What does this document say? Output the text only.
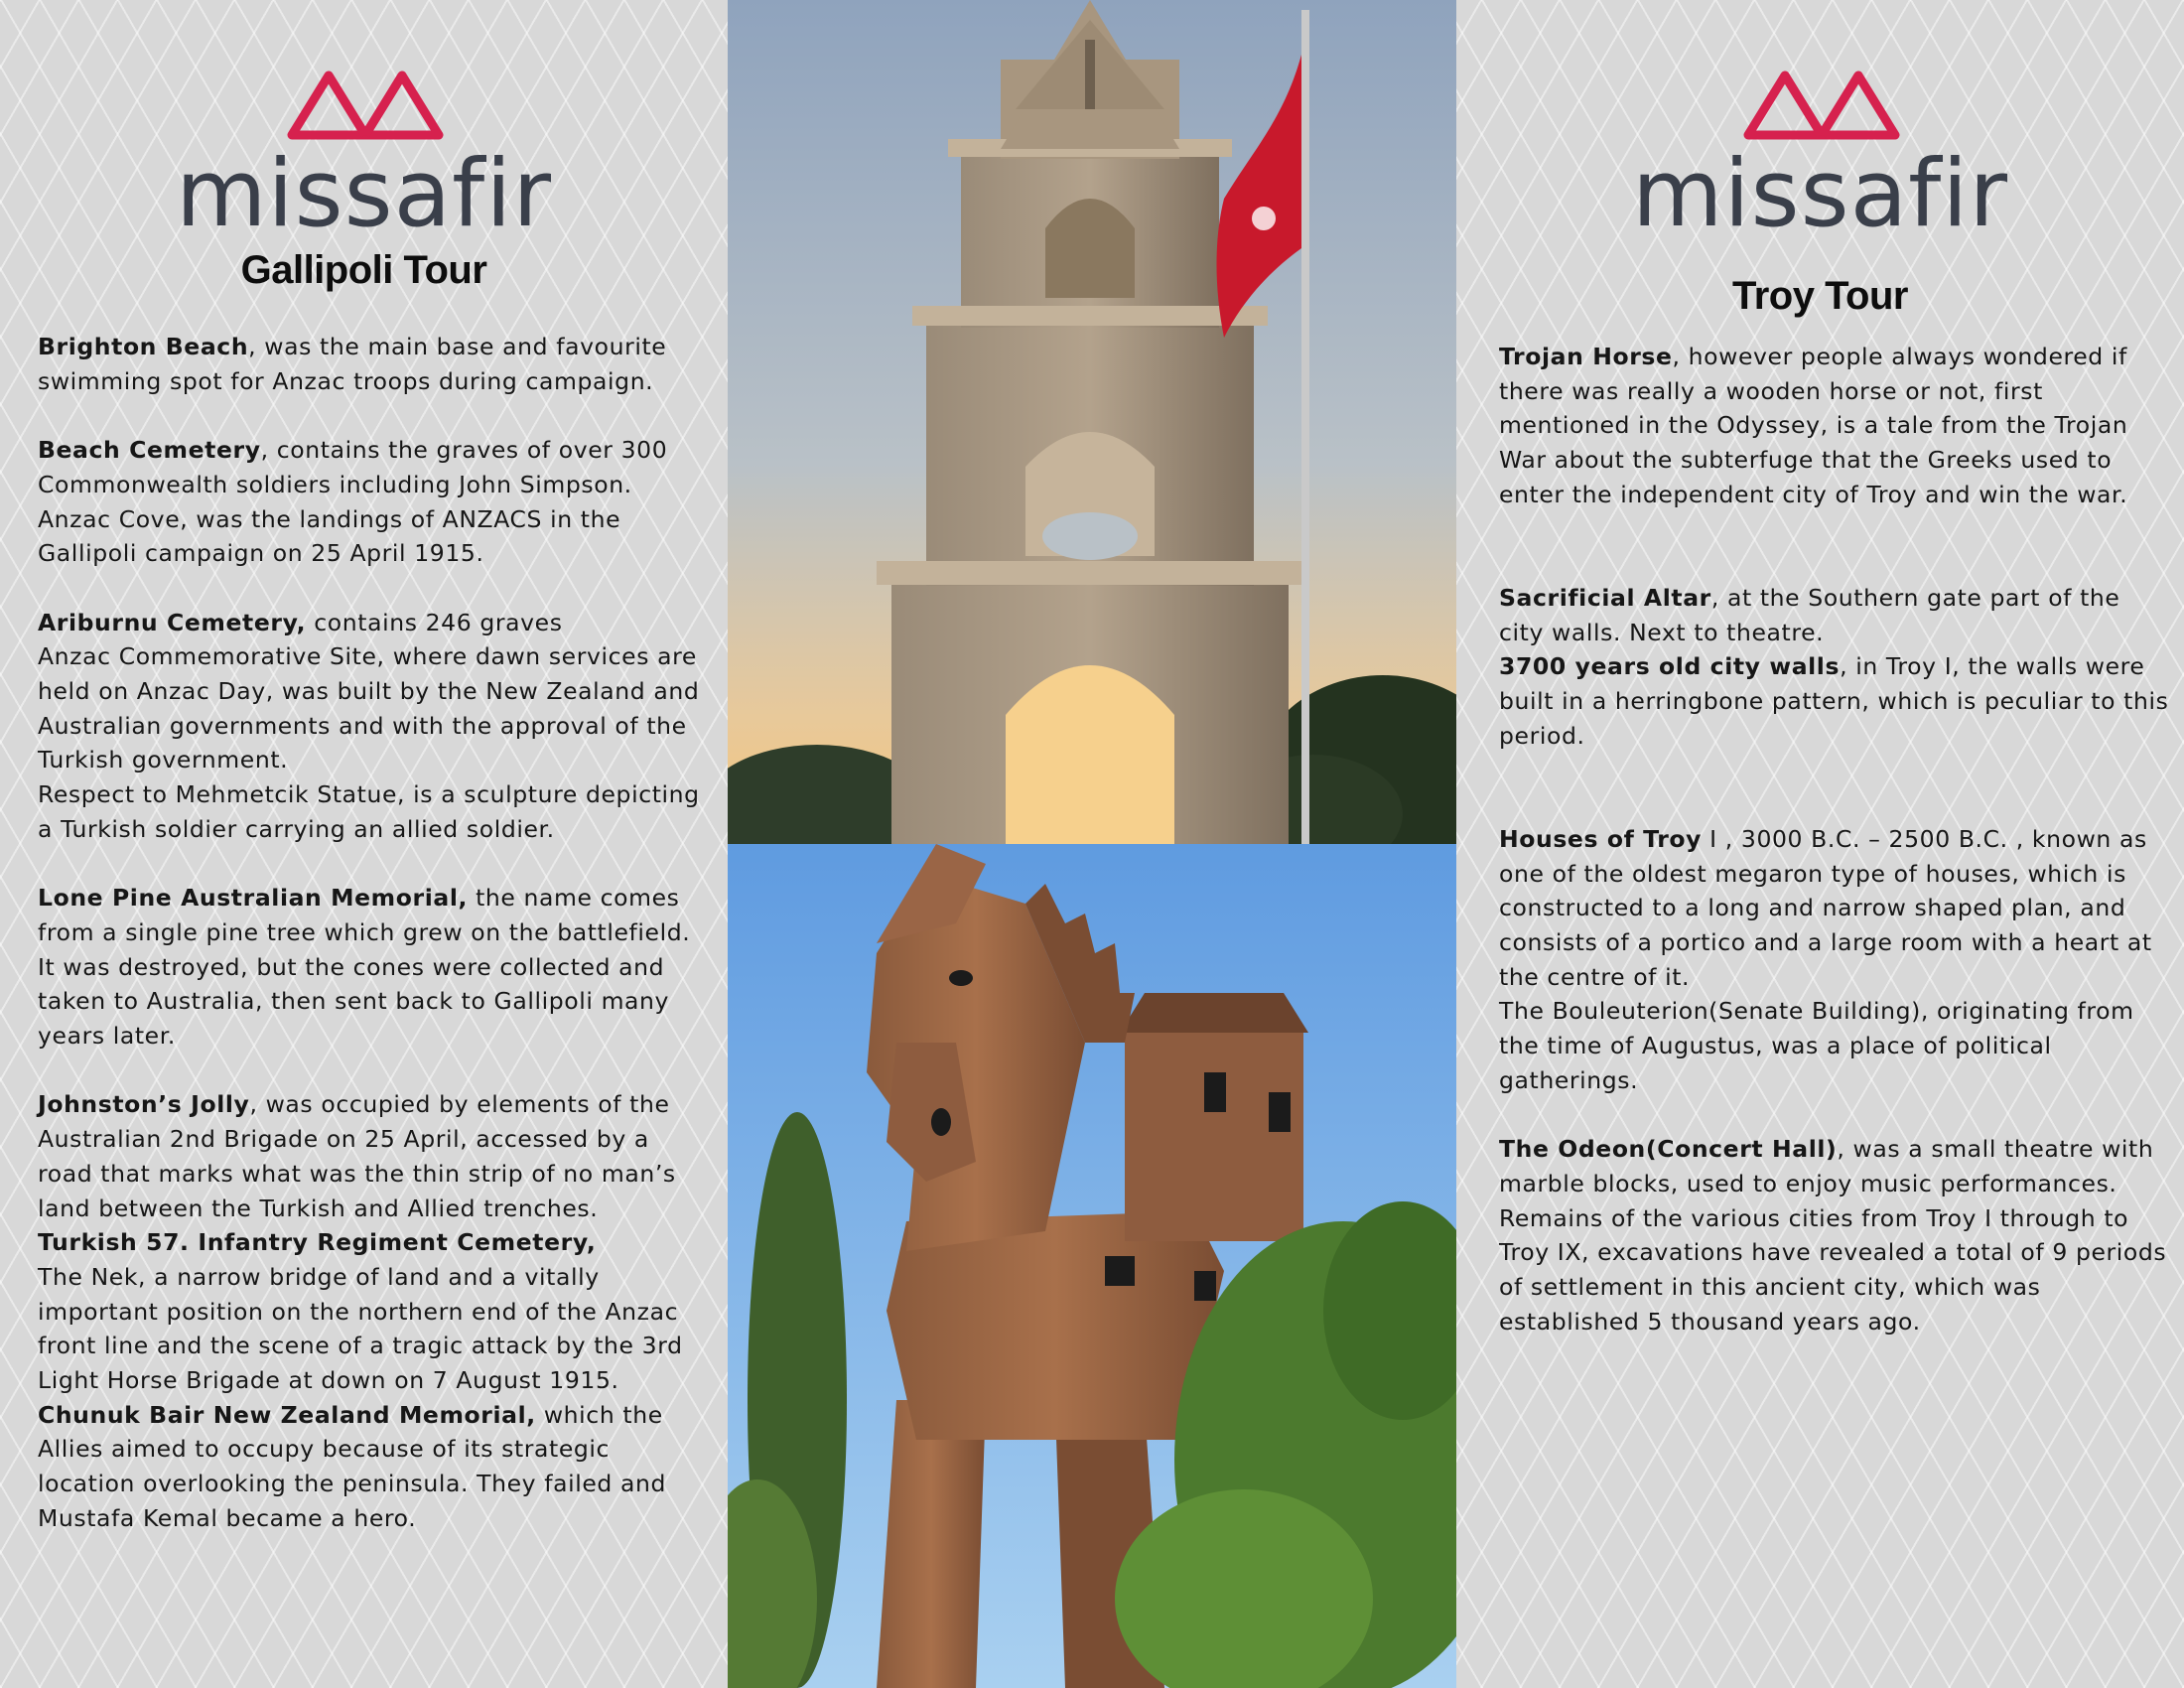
missafir
Gallipoli Tour

Brighton Beach, was the main base and favourite swimming spot for Anzac troops during campaign.

Beach Cemetery, contains the graves of over 300 Commonwealth soldiers including John Simpson.

Anzac Cove, was the landings of ANZACS in the Gallipoli campaign on 25 April 1915.

Ariburnu Cemetery, contains 246 graves

Anzac Commemorative Site, where dawn services are held on Anzac Day, was built by the New Zealand and Australian governments and with the approval of the Turkish government.

Respect to Mehmetcik Statue, is a sculpture depicting a Turkish soldier carrying an allied soldier.

Lone Pine Australian Memorial, the name comes from a single pine tree which grew on the battlefield. It was destroyed, but the cones were collected and taken to Australia, then sent back to Gallipoli many years later.

Johnston’s Jolly, was occupied by elements of the Australian 2nd Brigade on 25 April, accessed by a road that marks what was the thin strip of no man’s land between the Turkish and Allied trenches.

Turkish 57. Infantry Regiment Cemetery,

The Nek, a narrow bridge of land and a vitally important position on the northern end of the Anzac front line and the scene of a tragic attack by the 3rd Light Horse Brigade at down on 7 August 1915.

Chunuk Bair New Zealand Memorial, which the Allies aimed to occupy because of its strategic location overlooking the peninsula. They failed and Mustafa Kemal became a hero.

missafir
Troy Tour

Trojan Horse, however people always wondered if there was really a wooden horse or not, first mentioned in the Odyssey, is a tale from the Trojan War about the subterfuge that the Greeks used to enter the independent city of Troy and win the war.

Sacrificial Altar, at the Southern gate part of the city walls. Next to theatre.

3700 years old city walls, in Troy I, the walls were built in a herringbone pattern, which is peculiar to this period.

Houses of Troy I , 3000 B.C. – 2500 B.C. , known as one of the oldest megaron type of houses, which is constructed to a long and narrow shaped plan, and consists of a portico and a large room with a heart at the centre of it.

The Bouleuterion(Senate Building), originating from the time of Augustus, was a place of political gatherings.

The Odeon(Concert Hall), was a small theatre with marble blocks, used to enjoy music performances.

Remains of the various cities from Troy I through to Troy IX, excavations have revealed a total of 9 periods of settlement in this ancient city, which was established 5 thousand years ago.
